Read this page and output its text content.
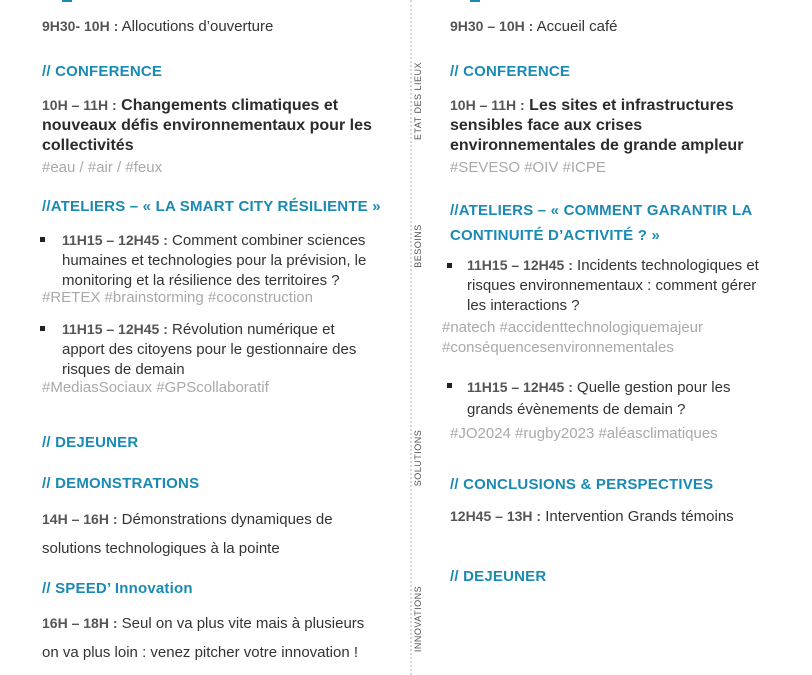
9H30- 10H : Allocutions d’ouverture
// CONFERENCE
10H – 11H : Changements climatiques et
nouveaux défis environnementaux pour les
collectivités
#eau / #air / #feux
//ATELIERS – « LA SMART CITY RÉSILIENTE »
11H15 – 12H45 : Comment combiner sciences
humaines et technologies pour la prévision, le
monitoring et la résilience des territoires ?
#RETEX #brainstorming #coconstruction
11H15 – 12H45 : Révolution numérique et
apport des citoyens pour le gestionnaire des
risques de demain
#MediasSociaux #GPScollaboratif
// DEJEUNER
// DEMONSTRATIONS
14H – 16H : Démonstrations dynamiques de
solutions technologiques à la pointe
// SPEED’ Innovation
16H – 18H : Seul on va plus vite mais à plusieurs
on va plus loin : venez pitcher votre innovation !
ETAT DES LIEUX
BESOINS
SOLUTIONS
INNOVATIONS
9H30 – 10H : Accueil café
// CONFERENCE
10H – 11H : Les sites et infrastructures
sensibles face aux crises
environnementales de grande ampleur
#SEVESO #OIV #ICPE
//ATELIERS – « COMMENT GARANTIR LA
CONTINUITÉ D’ACTIVITÉ ? »
11H15 – 12H45 : Incidents technologiques et
risques environnementaux : comment gérer
les interactions ?
#natech #accidenttechnologiquemajeur
#conséquencesenvironnementales
11H15 – 12H45 : Quelle gestion pour les
grands évènements de demain ?
#JO2024 #rugby2023 #aléasclimatiques
// CONCLUSIONS & PERSPECTIVES
12H45 – 13H : Intervention Grands témoins
// DEJEUNER
